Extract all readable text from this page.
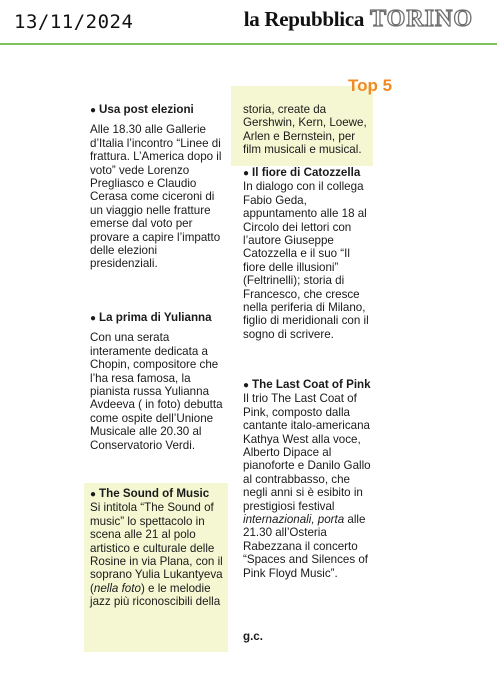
13/11/2024	la Repubblica TORINO
Top 5
● Usa post elezioni
Alle 18.30 alle Gallerie d’Italia l’incontro “Linee di frattura. L’America dopo il voto” vede Lorenzo Pregliasco e Claudio Cerasa come ciceroni di un viaggio nelle fratture emerse dal voto per provare a capire l’impatto delle elezioni presidenziali.
● La prima di Yulianna
Con una serata interamente dedicata a Chopin, compositore che l’ha resa famosa, la pianista russa Yulianna Avdeeva ( in foto) debutta come ospite dell’Unione Musicale alle 20.30 al Conservatorio Verdi.
● The Sound of Music
Si intitola “The Sound of music” lo spettacolo in scena alle 21 al polo artistico e culturale delle Rosine in via Plana, con il soprano Yulia Lukantyeva (nella foto) e le melodie jazz più riconoscibili della
storia, create da Gershwin, Kern, Loewe, Arlen e Bernstein, per film musicali e musical.
● Il fiore di Catozzella
In dialogo con il collega Fabio Geda, appuntamento alle 18 al Circolo dei lettori con l’autore Giuseppe Catozzella e il suo “Il fiore delle illusioni” (Feltrinelli); storia di Francesco, che cresce nella periferia di Milano, figlio di meridionali con il sogno di scrivere.
● The Last Coat of Pink
Il trio The Last Coat of Pink, composto dalla cantante italo-americana Kathya West alla voce, Alberto Dipace al pianoforte e Danilo Gallo al contrabbasso, che negli anni si è esibito in prestigiosi festival internazionali, porta alle 21.30 all’Osteria Rabezzana il concerto “Spaces and Silences of Pink Floyd Music”.
g.c.
